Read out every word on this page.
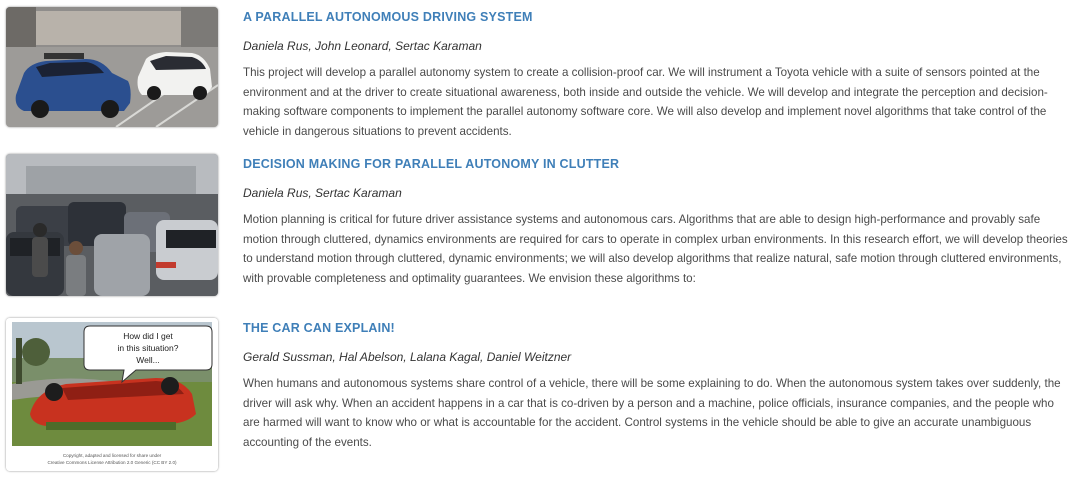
A PARALLEL AUTONOMOUS DRIVING SYSTEM

Daniela Rus, John Leonard, Sertac Karaman

This project will develop a parallel autonomy system to create a collision-proof car. We will instrument a Toyota vehicle with a suite of sensors pointed at the environment and at the driver to create situational awareness, both inside and outside the vehicle. We will develop and integrate the perception and decision- making software components to implement the parallel autonomy software core. We will also develop and implement novel algorithms that take control of the vehicle in dangerous situations to prevent accidents.

DECISION MAKING FOR PARALLEL AUTONOMY IN CLUTTER

Daniela Rus, Sertac Karaman

Motion planning is critical for future driver assistance systems and autonomous cars. Algorithms that are able to design high-performance and provably safe motion through cluttered, dynamics environments are required for cars to operate in complex urban environments. In this research effort, we will develop theories to understand motion through cluttered, dynamic environments; we will also develop algorithms that realize natural, safe motion through cluttered environments, with provable completeness and optimality guarantees. We envision these algorithms to:

How did I get
in this situation?
Well...
Copyright, adapted and licensed for share under
Creative Commons License Attribution 2.0 Generic (CC BY 2.0)
THE CAR CAN EXPLAIN!

Gerald Sussman, Hal Abelson, Lalana Kagal, Daniel Weitzner

When humans and autonomous systems share control of a vehicle, there will be some explaining to do. When the autonomous system takes over suddenly, the driver will ask why. When an accident happens in a car that is co-driven by a person and a machine, police officials, insurance companies, and the people who are harmed will want to know who or what is accountable for the accident. Control systems in the vehicle should be able to give an accurate unambiguous accounting of the events.
